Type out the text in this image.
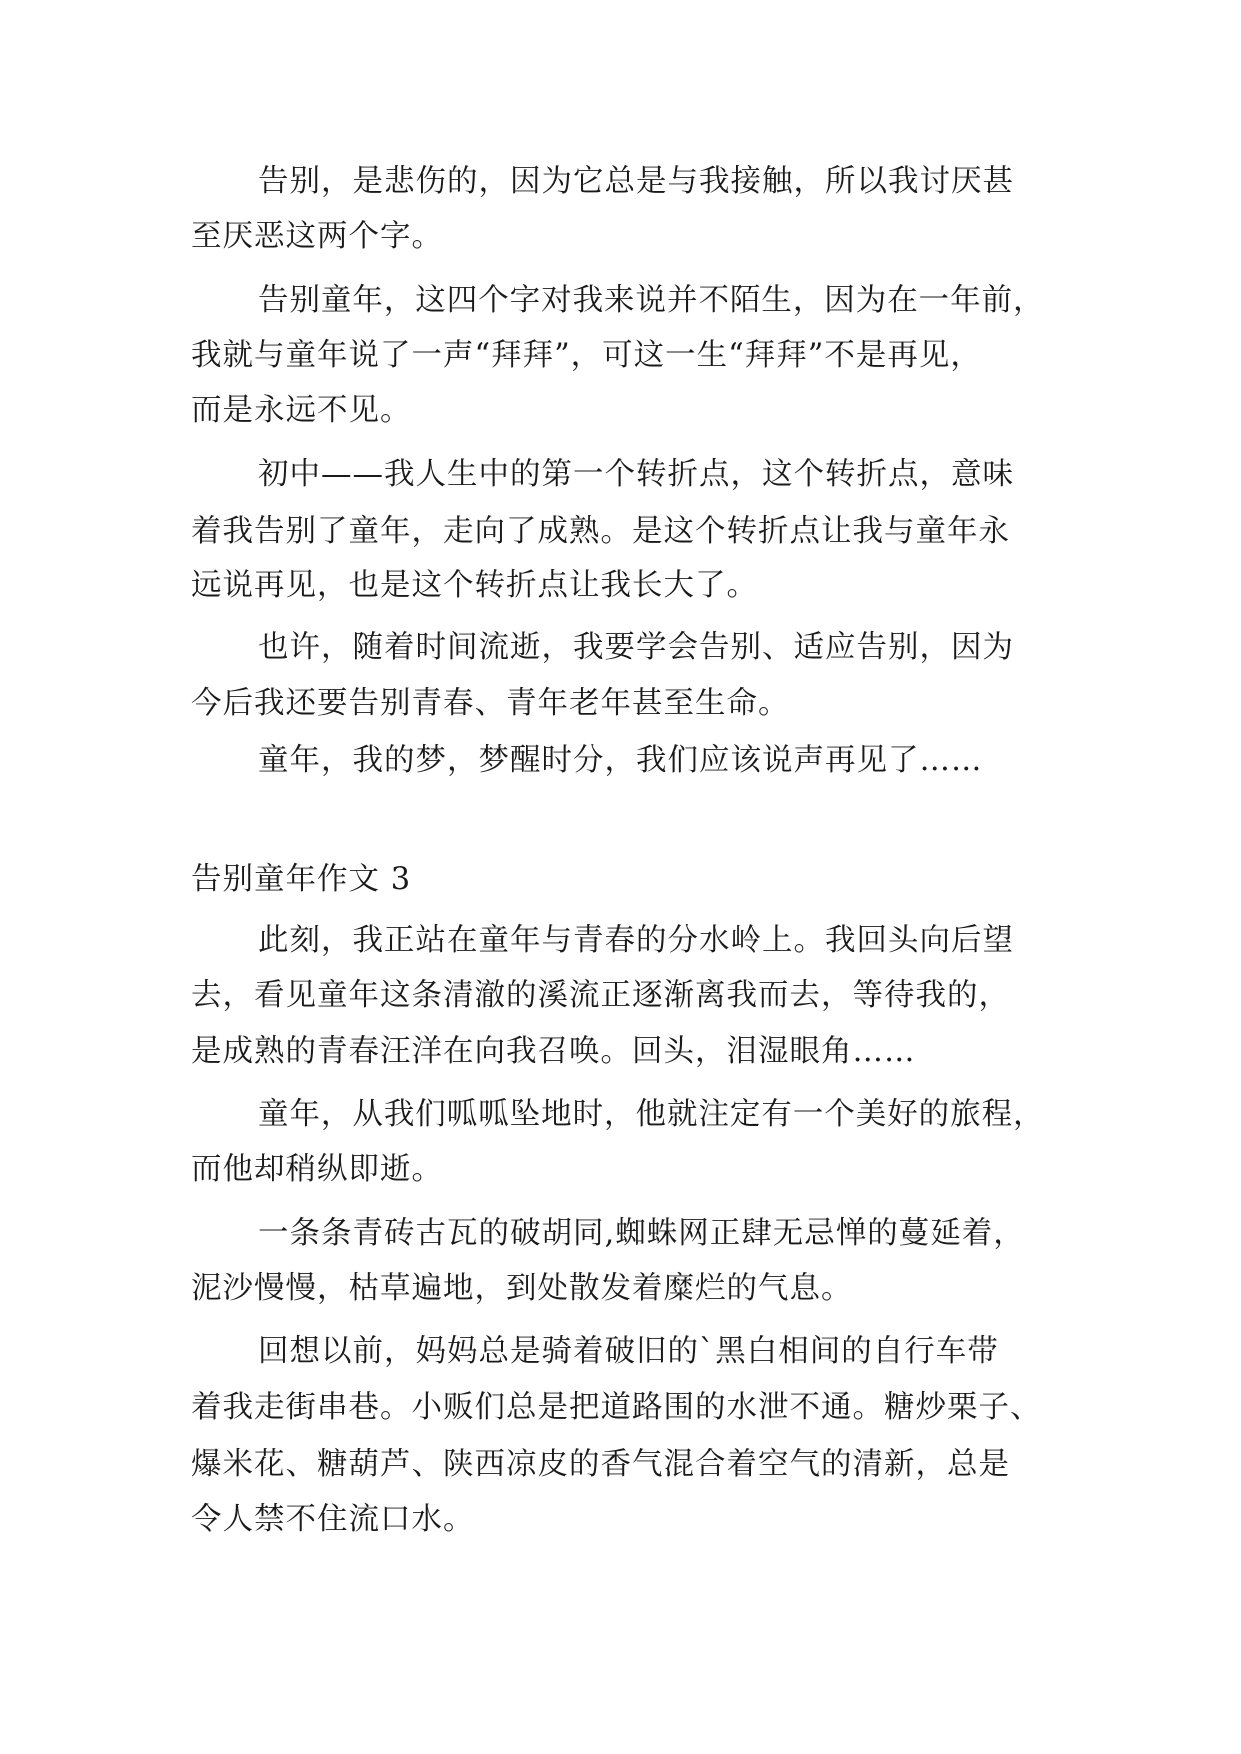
告别，是悲伤的，因为它总是与我接触，所以我讨厌甚
至厌恶这两个字。
告别童年，这四个字对我来说并不陌生，因为在一年前，
我就与童年说了一声“拜拜”，可这一生“拜拜”不是再见，
而是永远不见。
初中——我人生中的第一个转折点，这个转折点，意味
着我告别了童年，走向了成熟。是这个转折点让我与童年永
远说再见，也是这个转折点让我长大了。
也许，随着时间流逝，我要学会告别、适应告别，因为
今后我还要告别青春、青年老年甚至生命。
童年，我的梦，梦醒时分，我们应该说声再见了……
告别童年作文 3
此刻，我正站在童年与青春的分水岭上。我回头向后望
去，看见童年这条清澈的溪流正逐渐离我而去，等待我的，
是成熟的青春汪洋在向我召唤。回头，泪湿眼角……
童年，从我们呱呱坠地时，他就注定有一个美好的旅程，
而他却稍纵即逝。
一条条青砖古瓦的破胡同,蜘蛛网正肆无忌惮的蔓延着，
泥沙慢慢，枯草遍地，到处散发着糜烂的气息。
回想以前，妈妈总是骑着破旧的`黑白相间的自行车带
着我走街串巷。小贩们总是把道路围的水泄不通。糖炒栗子、
爆米花、糖葫芦、陕西凉皮的香气混合着空气的清新，总是
令人禁不住流口水。
